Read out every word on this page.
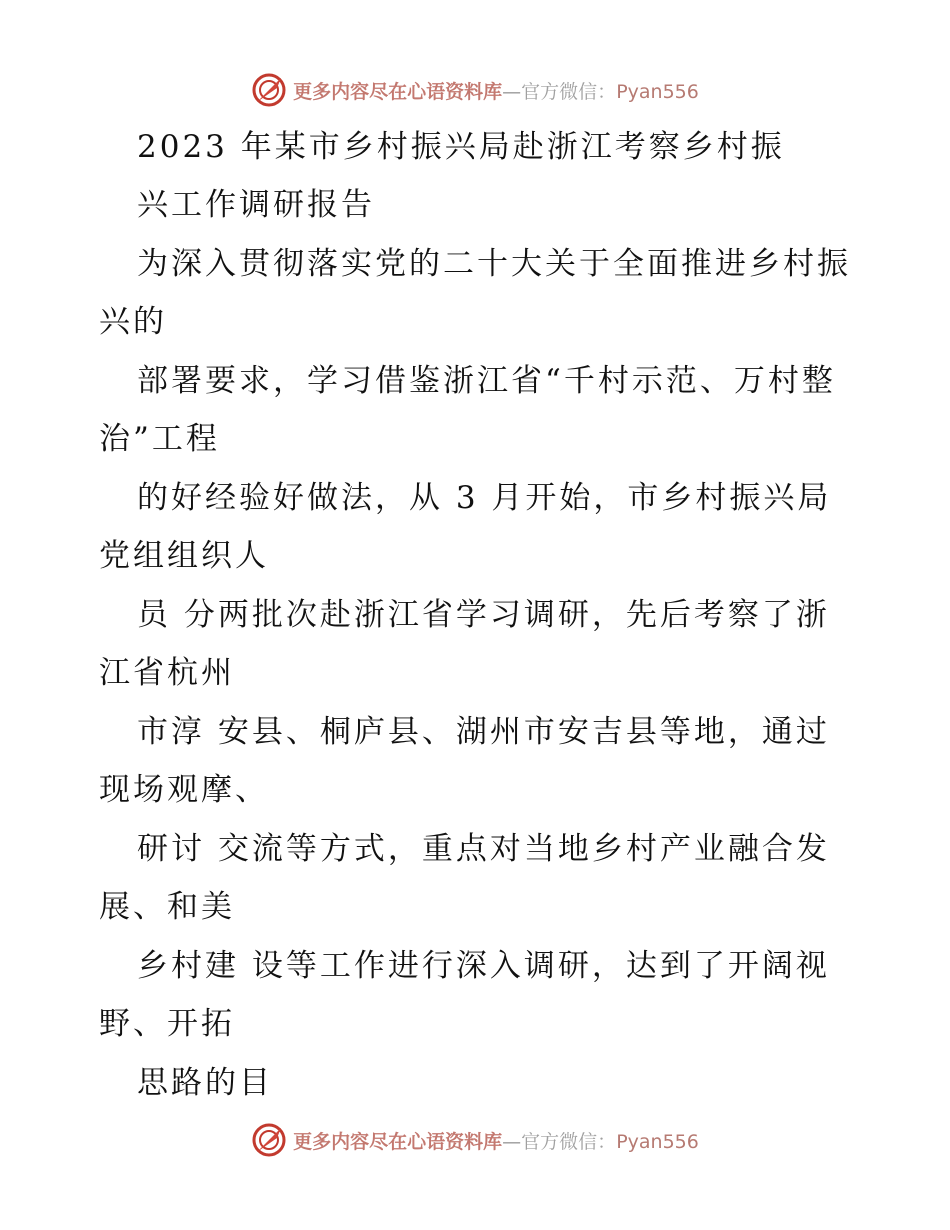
更多内容尽在心语资料库—官方微信：Pyan556
2023 年某市乡村振兴局赴浙江考察乡村振
兴工作调研报告
为深入贯彻落实党的二十大关于全面推进乡村振
兴的
部署要求，学习借鉴浙江省“千村示范、万村整
治”工程
的好经验好做法，从 3 月开始，市乡村振兴局
党组组织人
员 分两批次赴浙江省学习调研，先后考察了浙
江省杭州
市淳 安县、桐庐县、湖州市安吉县等地，通过
现场观摩、
研讨 交流等方式，重点对当地乡村产业融合发
展、和美
乡村建 设等工作进行深入调研，达到了开阔视
野、开拓
思路的目
更多内容尽在心语资料库—官方微信：Pyan556
